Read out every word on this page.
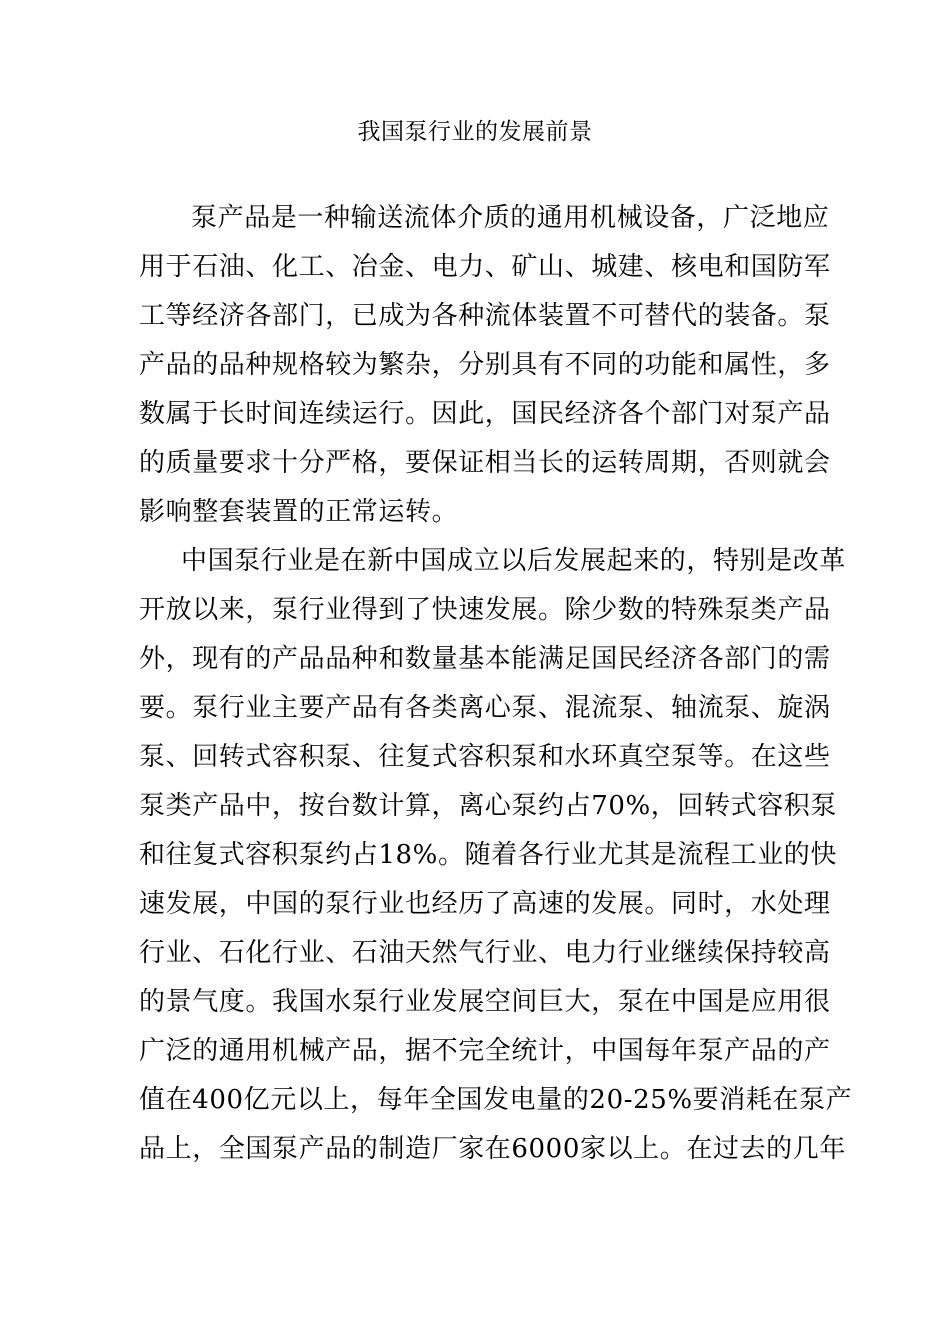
我国泵行业的发展前景
泵产品是一种输送流体介质的通用机械设备，广泛地应
用于石油、化工、冶金、电力、矿山、城建、核电和国防军
工等经济各部门，已成为各种流体装置不可替代的装备。泵
产品的品种规格较为繁杂，分别具有不同的功能和属性，多
数属于长时间连续运行。因此，国民经济各个部门对泵产品
的质量要求十分严格，要保证相当长的运转周期，否则就会
影响整套装置的正常运转。
中国泵行业是在新中国成立以后发展起来的，特别是改革
开放以来，泵行业得到了快速发展。除少数的特殊泵类产品
外，现有的产品品种和数量基本能满足国民经济各部门的需
要。泵行业主要产品有各类离心泵、混流泵、轴流泵、旋涡
泵、回转式容积泵、往复式容积泵和水环真空泵等。在这些
泵类产品中，按台数计算，离心泵约占70%，回转式容积泵
和往复式容积泵约占18%。随着各行业尤其是流程工业的快
速发展，中国的泵行业也经历了高速的发展。同时，水处理
行业、石化行业、石油天然气行业、电力行业继续保持较高
的景气度。我国水泵行业发展空间巨大，泵在中国是应用很
广泛的通用机械产品，据不完全统计，中国每年泵产品的产
值在400亿元以上，每年全国发电量的20-25%要消耗在泵产
品上，全国泵产品的制造厂家在6000家以上。在过去的几年
